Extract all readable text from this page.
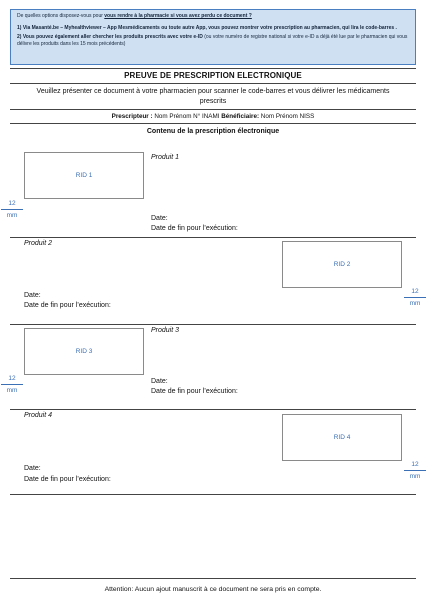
De quelles options disposez-vous pour vous rendre à la pharmacie si vous avez perdu ce document ?

1) Via Masanté.be – Myhealthviewer – App Mesmédicaments ou toute autre App, vous pouvez montrer votre prescription au pharmacien, qui lira le code-barres .

2) Vous pouvez également aller chercher les produits prescrits avec votre e-ID (ou votre numéro de registre national si votre e-ID a déjà été lue par le pharmacien qui vous délivre les produits dans les 15 mois précédents)

PREUVE DE PRESCRIPTION ELECTRONIQUE
Veuillez présenter ce document à votre pharmacien pour scanner le code-barres et vous délivrer les médicaments prescrits
Prescripteur : Nom Prénom N° INAMI Bénéficiaire: Nom Prénom NISS
Contenu de la prescription électronique
RID 1
Produit 1
Date:
Date de fin pour l’exécution:
Produit 2
RID 2
Date:
Date de fin pour l’exécution:
RID 3
Produit 3
Date:
Date de fin pour l’exécution:
Produit 4
RID 4
Date:
Date de fin pour l’exécution:
12
mm
12
mm
12
mm
12
mm
Attention: Aucun ajout manuscrit à ce document ne sera pris en compte.
